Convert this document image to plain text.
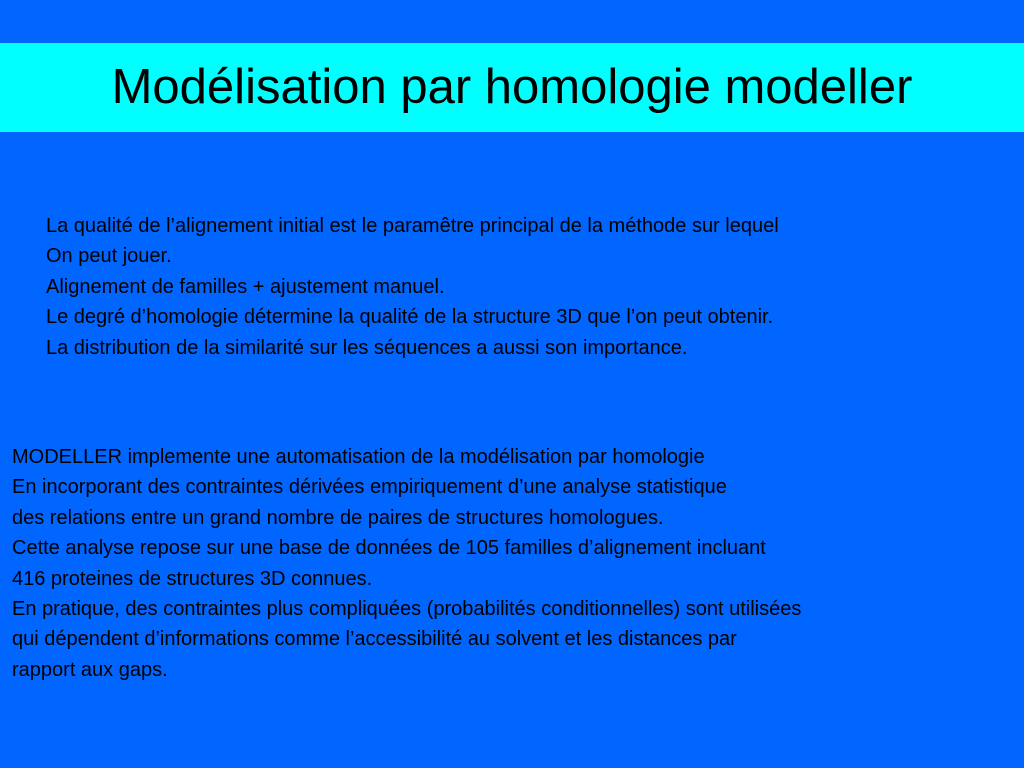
Modélisation par homologie modeller
La qualité de l’alignement initial est le paramêtre principal de la méthode sur lequel
On peut jouer.
Alignement de familles + ajustement manuel.
Le degré d’homologie détermine la qualité de la structure 3D que l’on peut obtenir.
La distribution de la similarité sur les séquences a aussi son importance.
MODELLER implemente une automatisation de la modélisation par homologie
En incorporant des contraintes dérivées empiriquement d’une analyse statistique
des relations entre un grand nombre de paires de structures homologues.
Cette analyse repose sur une base de données de 105 familles d’alignement incluant
416 proteines de structures 3D connues.
En pratique, des contraintes plus compliquées (probabilités conditionnelles) sont utilisées
qui dépendent d’informations comme l’accessibilité au solvent et les distances par
rapport aux gaps.
